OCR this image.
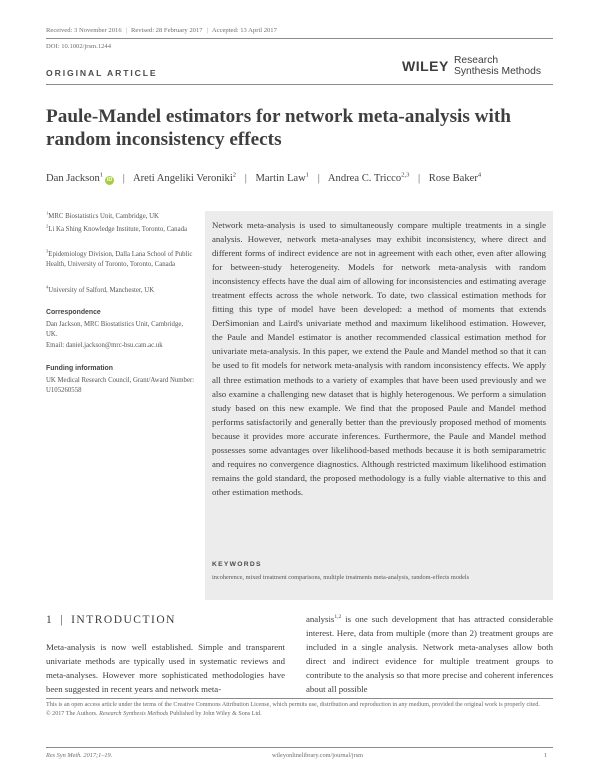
Received: 3 November 2016 | Revised: 28 February 2017 | Accepted: 13 April 2017
DOI: 10.1002/jrsm.1244
ORIGINAL ARTICLE	WILEY Research
Synthesis Methods
Paule-Mandel estimators for network meta-analysis with random inconsistency effects
Dan Jackson$^1$iD | Areti Angeliki Veroniki$^2$ | Martin Law$^1$ | Andrea C. Tricco$^{2,3}$ | Rose Baker$^4$
$^1$MRC Biostatistics Unit, Cambridge, UK
$^2$Li Ka Shing Knowledge Institute, Toronto, Canada
$^3$Epidemiology Division, Dalla Lana School of Public Health, University of Toronto, Toronto, Canada
$^4$University of Salford, Manchester, UK
Correspondence
Dan Jackson, MRC Biostatistics Unit, Cambridge, UK.
Email: daniel.jackson@mrc-bsu.cam.ac.uk
Funding information
UK Medical Research Council, Grant/Award Number: U105260558
Network meta-analysis is used to simultaneously compare multiple treatments in a single analysis. However, network meta-analyses may exhibit inconsistency, where direct and different forms of indirect evidence are not in agreement with each other, even after allowing for between-study heterogeneity. Models for network meta-analysis with random inconsistency effects have the dual aim of allowing for inconsistencies and estimating average treatment effects across the whole network. To date, two classical estimation methods for fitting this type of model have been developed: a method of moments that extends DerSimonian and Laird's univariate method and maximum likelihood estimation. However, the Paule and Mandel estimator is another recommended classical estimation method for univariate meta-analysis. In this paper, we extend the Paule and Mandel method so that it can be used to fit models for network meta-analysis with random inconsistency effects. We apply all three estimation methods to a variety of examples that have been used previously and we also examine a challenging new dataset that is highly heterogenous. We perform a simulation study based on this new example. We find that the proposed Paule and Mandel method performs satisfactorily and generally better than the previously proposed method of moments because it provides more accurate inferences. Furthermore, the Paule and Mandel method possesses some advantages over likelihood-based methods because it is both semiparametric and requires no convergence diagnostics. Although restricted maximum likelihood estimation remains the gold standard, the proposed methodology is a fully viable alternative to this and other estimation methods.
KEYWORDS
incoherence, mixed treatment comparisons, multiple treatments meta-analysis, random-effects models
1 | INTRODUCTION
Meta-analysis is now well established. Simple and transparent univariate methods are typically used in systematic reviews and meta-analyses. However more sophisticated methodologies have been suggested in recent years and network meta-
analysis$^{1,2}$ is one such development that has attracted considerable interest. Here, data from multiple (more than 2) treatment groups are included in a single analysis. Network meta-analyses allow both direct and indirect evidence for multiple treatment groups to contribute to the analysis so that more precise and coherent inferences about all possible
This is an open access article under the terms of the Creative Commons Attribution License, which permits use, distribution and reproduction in any medium, provided the original work is properly cited.
© 2017 The Authors. Research Synthesis Methods Published by John Wiley & Sons Ltd.
Res Syn Meth. 2017;1–19.	wileyonlinelibrary.com/journal/jrsm	1
